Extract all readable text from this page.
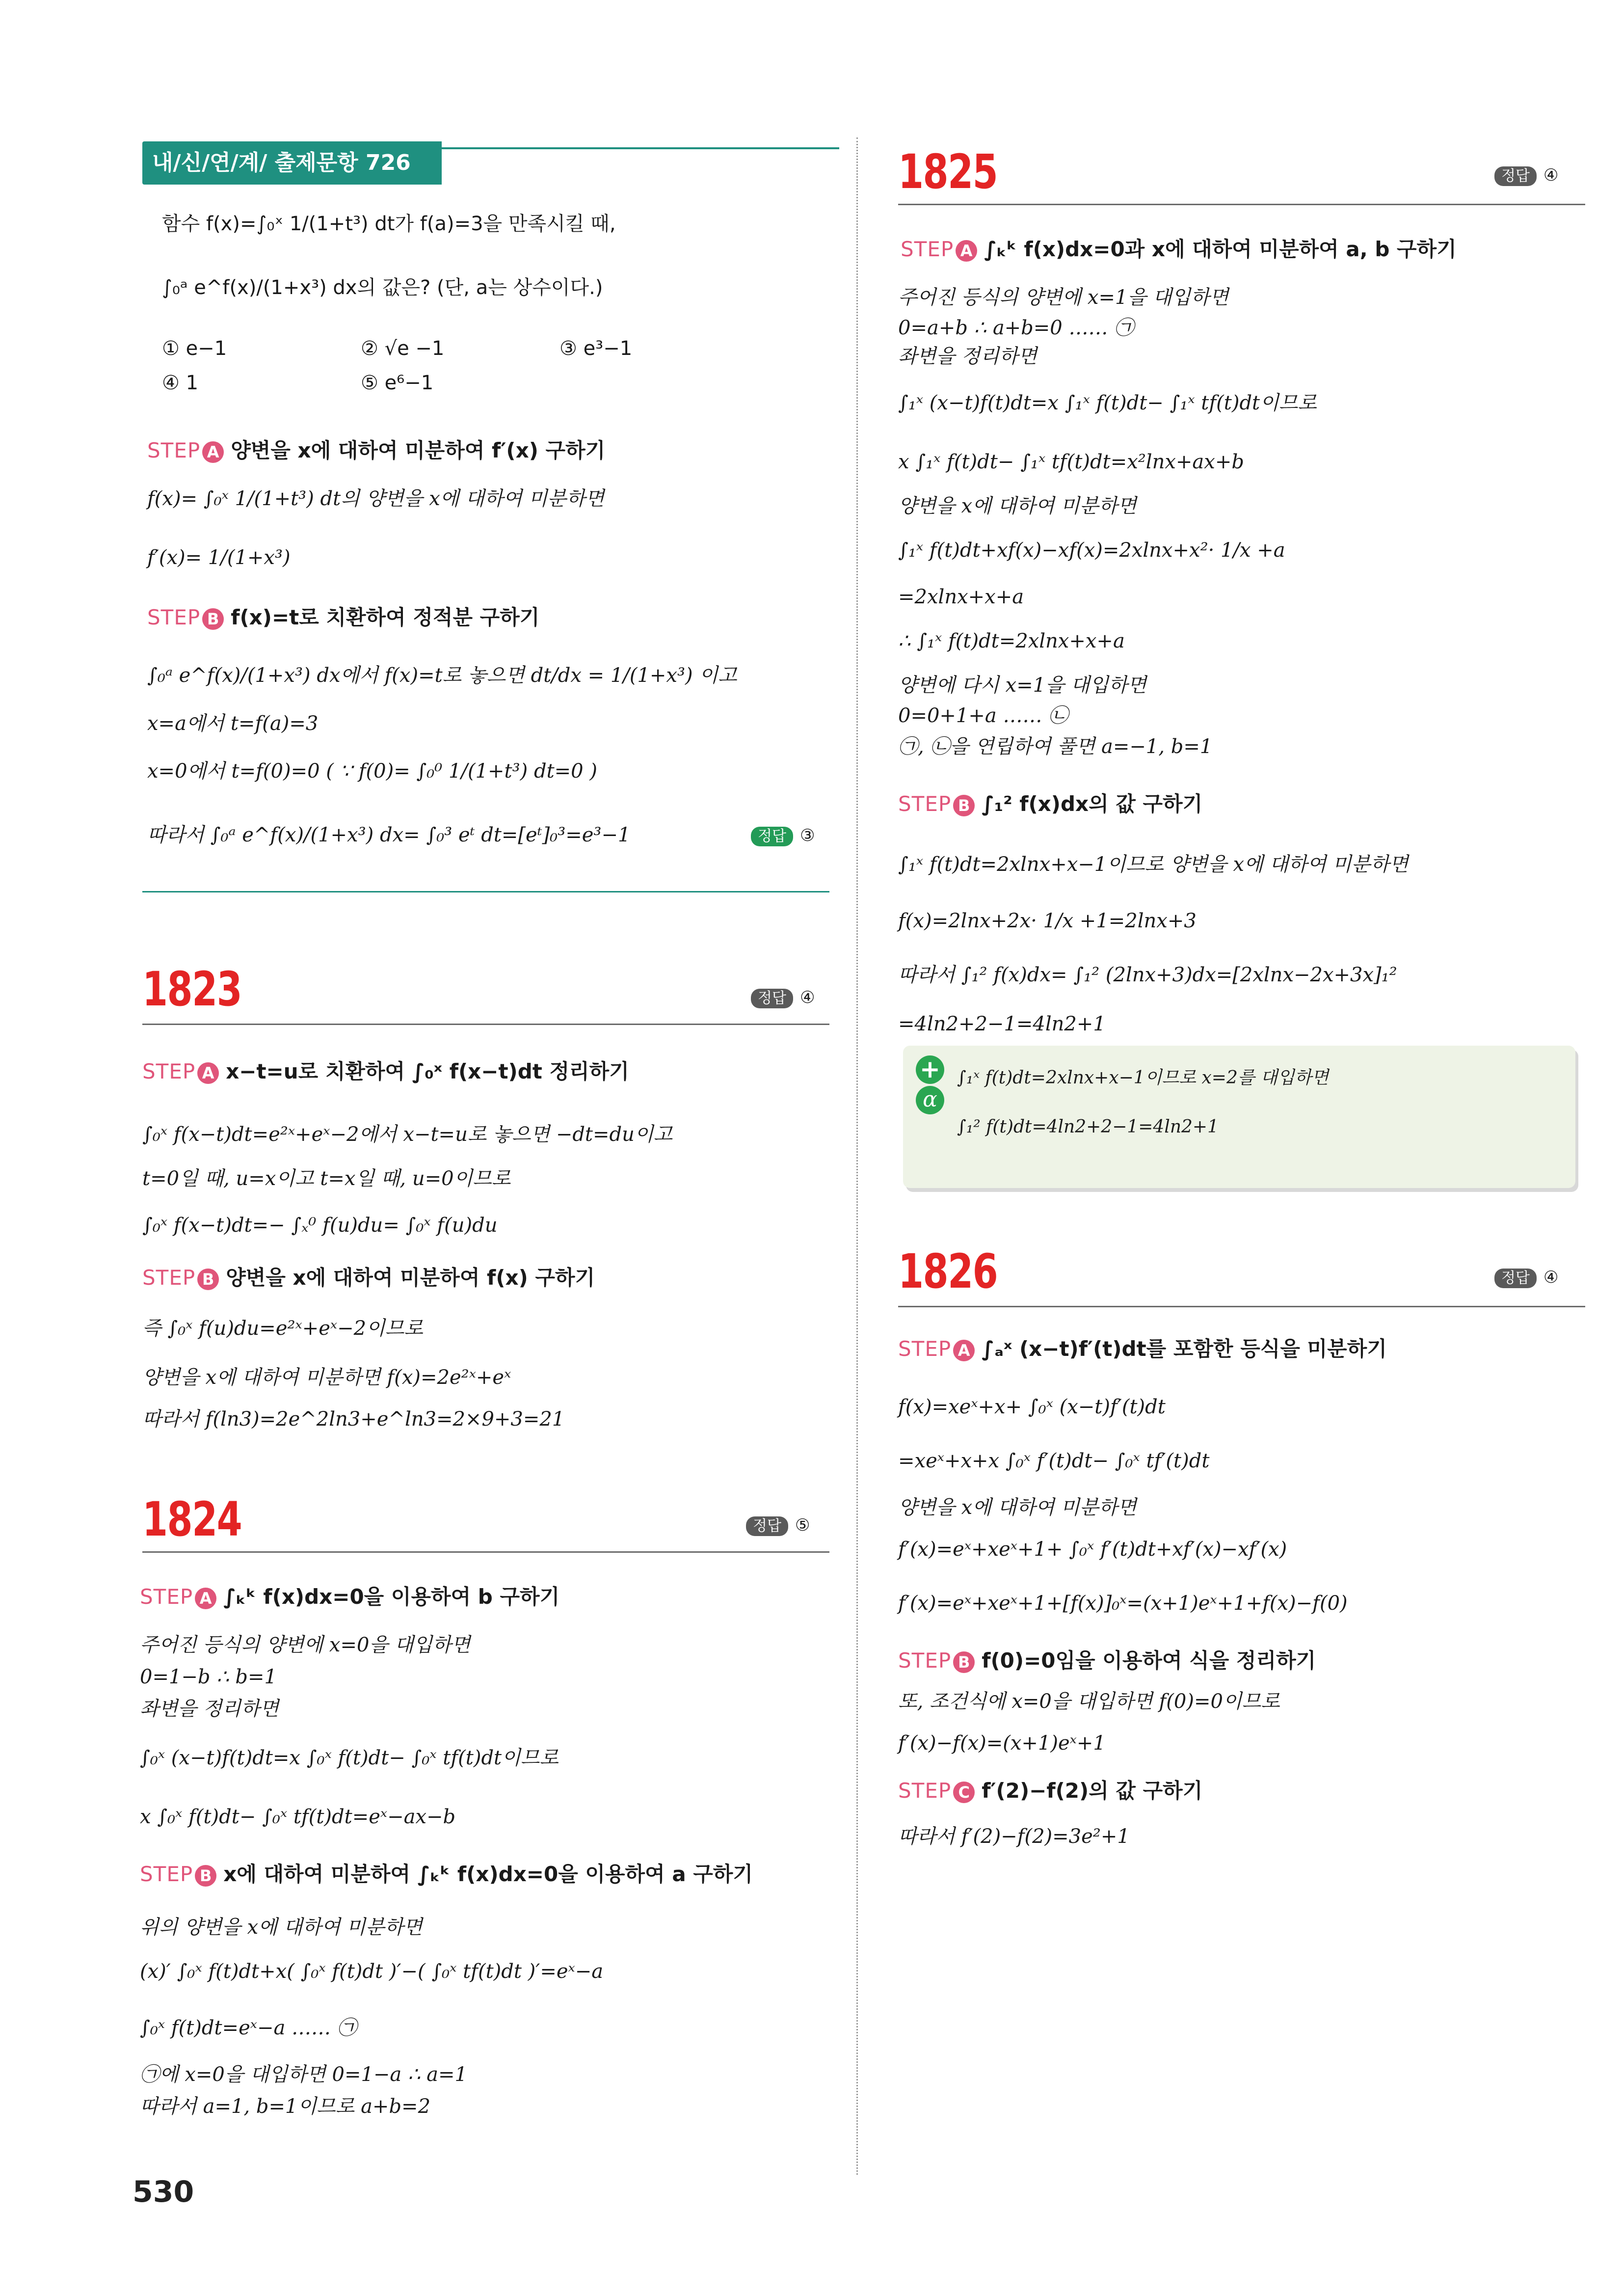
내/신/연/계/ 출제문항 726
함수 f(x)=∫₀ˣ 1/(1+t³) dt가 f(a)=3을 만족시킬 때,
∫₀ᵃ e^f(x)/(1+x³) dx의 값은? (단, a는 상수이다.)
① e−1	② √e −1	③ e³−1
④ 1	⑤ e⁶−1
STEP A 양변을 x에 대하여 미분하여 f′(x) 구하기
f(x)= ∫₀ˣ 1/(1+t³) dt의 양변을 x에 대하여 미분하면
f′(x)= 1/(1+x³)
STEP B f(x)=t로 치환하여 정적분 구하기
∫₀ᵃ e^f(x)/(1+x³) dx에서 f(x)=t로 놓으면 dt/dx = 1/(1+x³) 이고
x=a에서 t=f(a)=3
x=0에서 t=f(0)=0 ( ∵ f(0)= ∫₀⁰ 1/(1+t³) dt=0 )
따라서 ∫₀ᵃ e^f(x)/(1+x³) dx= ∫₀³ eᵗ dt=[eᵗ]₀³=e³−1	정답 ③
1823	정답 ④
STEP A x−t=u로 치환하여 ∫₀ˣ f(x−t)dt 정리하기
∫₀ˣ f(x−t)dt=e²ˣ+eˣ−2에서 x−t=u로 놓으면 −dt=du이고
t=0일 때, u=x이고 t=x일 때, u=0이므로
∫₀ˣ f(x−t)dt=− ∫ₓ⁰ f(u)du= ∫₀ˣ f(u)du
STEP B 양변을 x에 대하여 미분하여 f(x) 구하기
즉 ∫₀ˣ f(u)du=e²ˣ+eˣ−2이므로
양변을 x에 대하여 미분하면 f(x)=2e²ˣ+eˣ
따라서 f(ln3)=2e^2ln3+e^ln3=2×9+3=21
1824	정답 ⑤
STEP A ∫ₖᵏ f(x)dx=0을 이용하여 b 구하기
주어진 등식의 양변에 x=0을 대입하면
0=1−b ∴ b=1
좌변을 정리하면
∫₀ˣ (x−t)f(t)dt=x ∫₀ˣ f(t)dt− ∫₀ˣ tf(t)dt이므로
x ∫₀ˣ f(t)dt− ∫₀ˣ tf(t)dt=eˣ−ax−b
STEP B x에 대하여 미분하여 ∫ₖᵏ f(x)dx=0을 이용하여 a 구하기
위의 양변을 x에 대하여 미분하면
(x)′ ∫₀ˣ f(t)dt+x( ∫₀ˣ f(t)dt )′−( ∫₀ˣ tf(t)dt )′=eˣ−a
∫₀ˣ f(t)dt=eˣ−a …… ㉠
㉠에 x=0을 대입하면 0=1−a ∴ a=1
따라서 a=1, b=1이므로 a+b=2
1825	정답 ④
STEP A ∫ₖᵏ f(x)dx=0과 x에 대하여 미분하여 a, b 구하기
주어진 등식의 양변에 x=1을 대입하면
0=a+b ∴ a+b=0 …… ㉠
좌변을 정리하면
∫₁ˣ (x−t)f(t)dt=x ∫₁ˣ f(t)dt− ∫₁ˣ tf(t)dt이므로
x ∫₁ˣ f(t)dt− ∫₁ˣ tf(t)dt=x²lnx+ax+b
양변을 x에 대하여 미분하면
∫₁ˣ f(t)dt+xf(x)−xf(x)=2xlnx+x²· 1/x +a
=2xlnx+x+a
∴ ∫₁ˣ f(t)dt=2xlnx+x+a
양변에 다시 x=1을 대입하면
0=0+1+a …… ㉡
㉠, ㉡을 연립하여 풀면 a=−1, b=1
STEP B ∫₁² f(x)dx의 값 구하기
∫₁ˣ f(t)dt=2xlnx+x−1이므로 양변을 x에 대하여 미분하면
f(x)=2lnx+2x· 1/x +1=2lnx+3
따라서 ∫₁² f(x)dx= ∫₁² (2lnx+3)dx=[2xlnx−2x+3x]₁²
=4ln2+2−1=4ln2+1
+
α
∫₁ˣ f(t)dt=2xlnx+x−1이므로 x=2를 대입하면
∫₁² f(t)dt=4ln2+2−1=4ln2+1
1826	정답 ④
STEP A ∫ₐˣ (x−t)f′(t)dt를 포함한 등식을 미분하기
f(x)=xeˣ+x+ ∫₀ˣ (x−t)f′(t)dt
=xeˣ+x+x ∫₀ˣ f′(t)dt− ∫₀ˣ tf′(t)dt
양변을 x에 대하여 미분하면
f′(x)=eˣ+xeˣ+1+ ∫₀ˣ f′(t)dt+xf′(x)−xf′(x)
f′(x)=eˣ+xeˣ+1+[f(x)]₀ˣ=(x+1)eˣ+1+f(x)−f(0)
STEP B f(0)=0임을 이용하여 식을 정리하기
또, 조건식에 x=0을 대입하면 f(0)=0이므로
f′(x)−f(x)=(x+1)eˣ+1
STEP C f′(2)−f(2)의 값 구하기
따라서 f′(2)−f(2)=3e²+1
530
